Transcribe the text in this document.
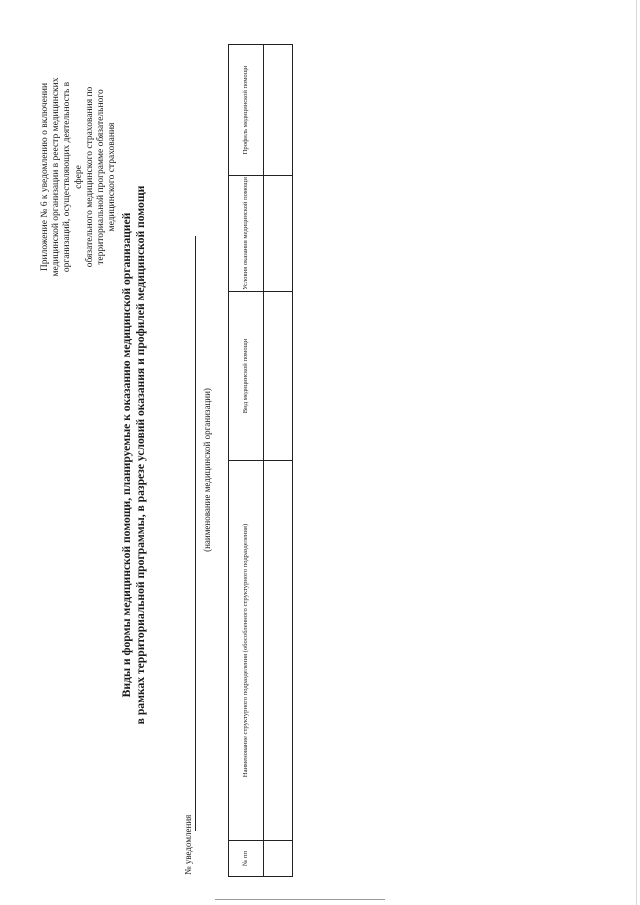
Приложение № 6 к уведомлению о включении медицинской организации в реестр медицинских организаций, осуществляющих деятельность в сфере обязательного медицинского страхования по территориальной программе обязательного медицинского страхования
Виды и формы медицинской помощи, планируемые к оказанию медицинской организацией в рамках территориальной программы, в разрезе условий оказания и профилей медицинской помощи
№ уведомления
(наименование медицинской организации)
№ пп	Наименование структурного подразделения (обособленного структурного подразделения)	Вид медицинской помощи	Условия оказания медицинской помощи	Профиль медицинской помощи
